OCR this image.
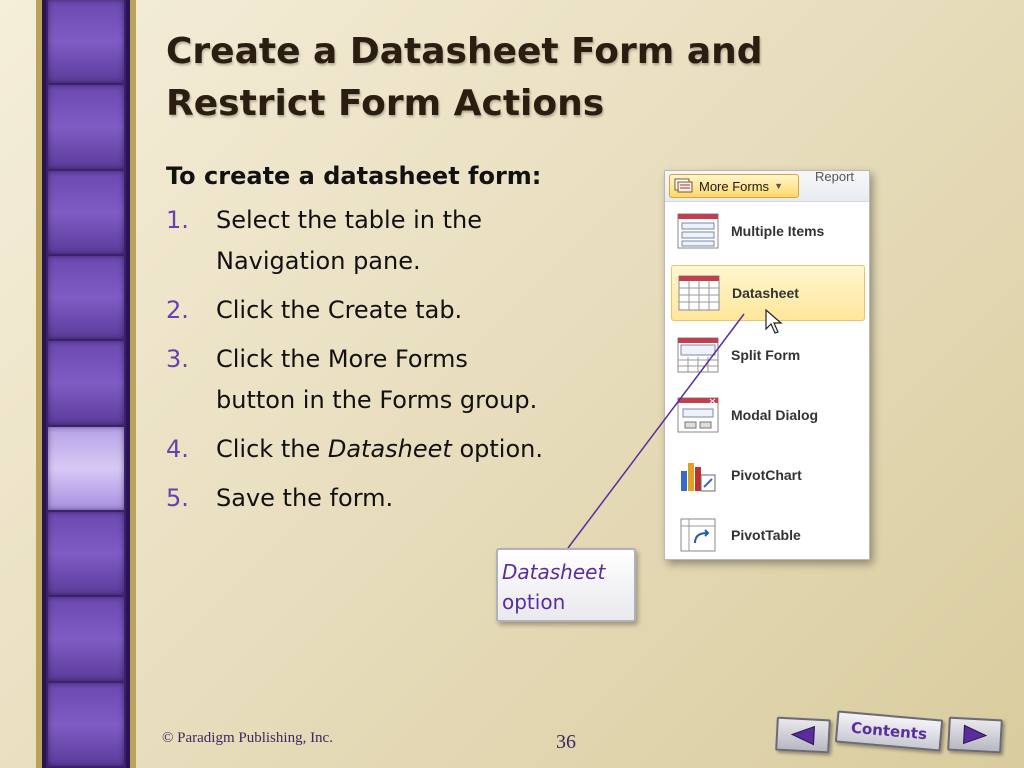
Create a Datasheet Form and Restrict Form Actions

To create a datasheet form:

1. Select the table in the Navigation pane.
2. Click the Create tab.
3. Click the More Forms button in the Forms group.
4. Click the Datasheet option.
5. Save the form.
More Forms ▼
Report
Multiple Items
Datasheet
Split Form
Modal Dialog
PivotChart
PivotTable
Datasheet
option
© Paradigm Publishing, Inc.	36	Contents
